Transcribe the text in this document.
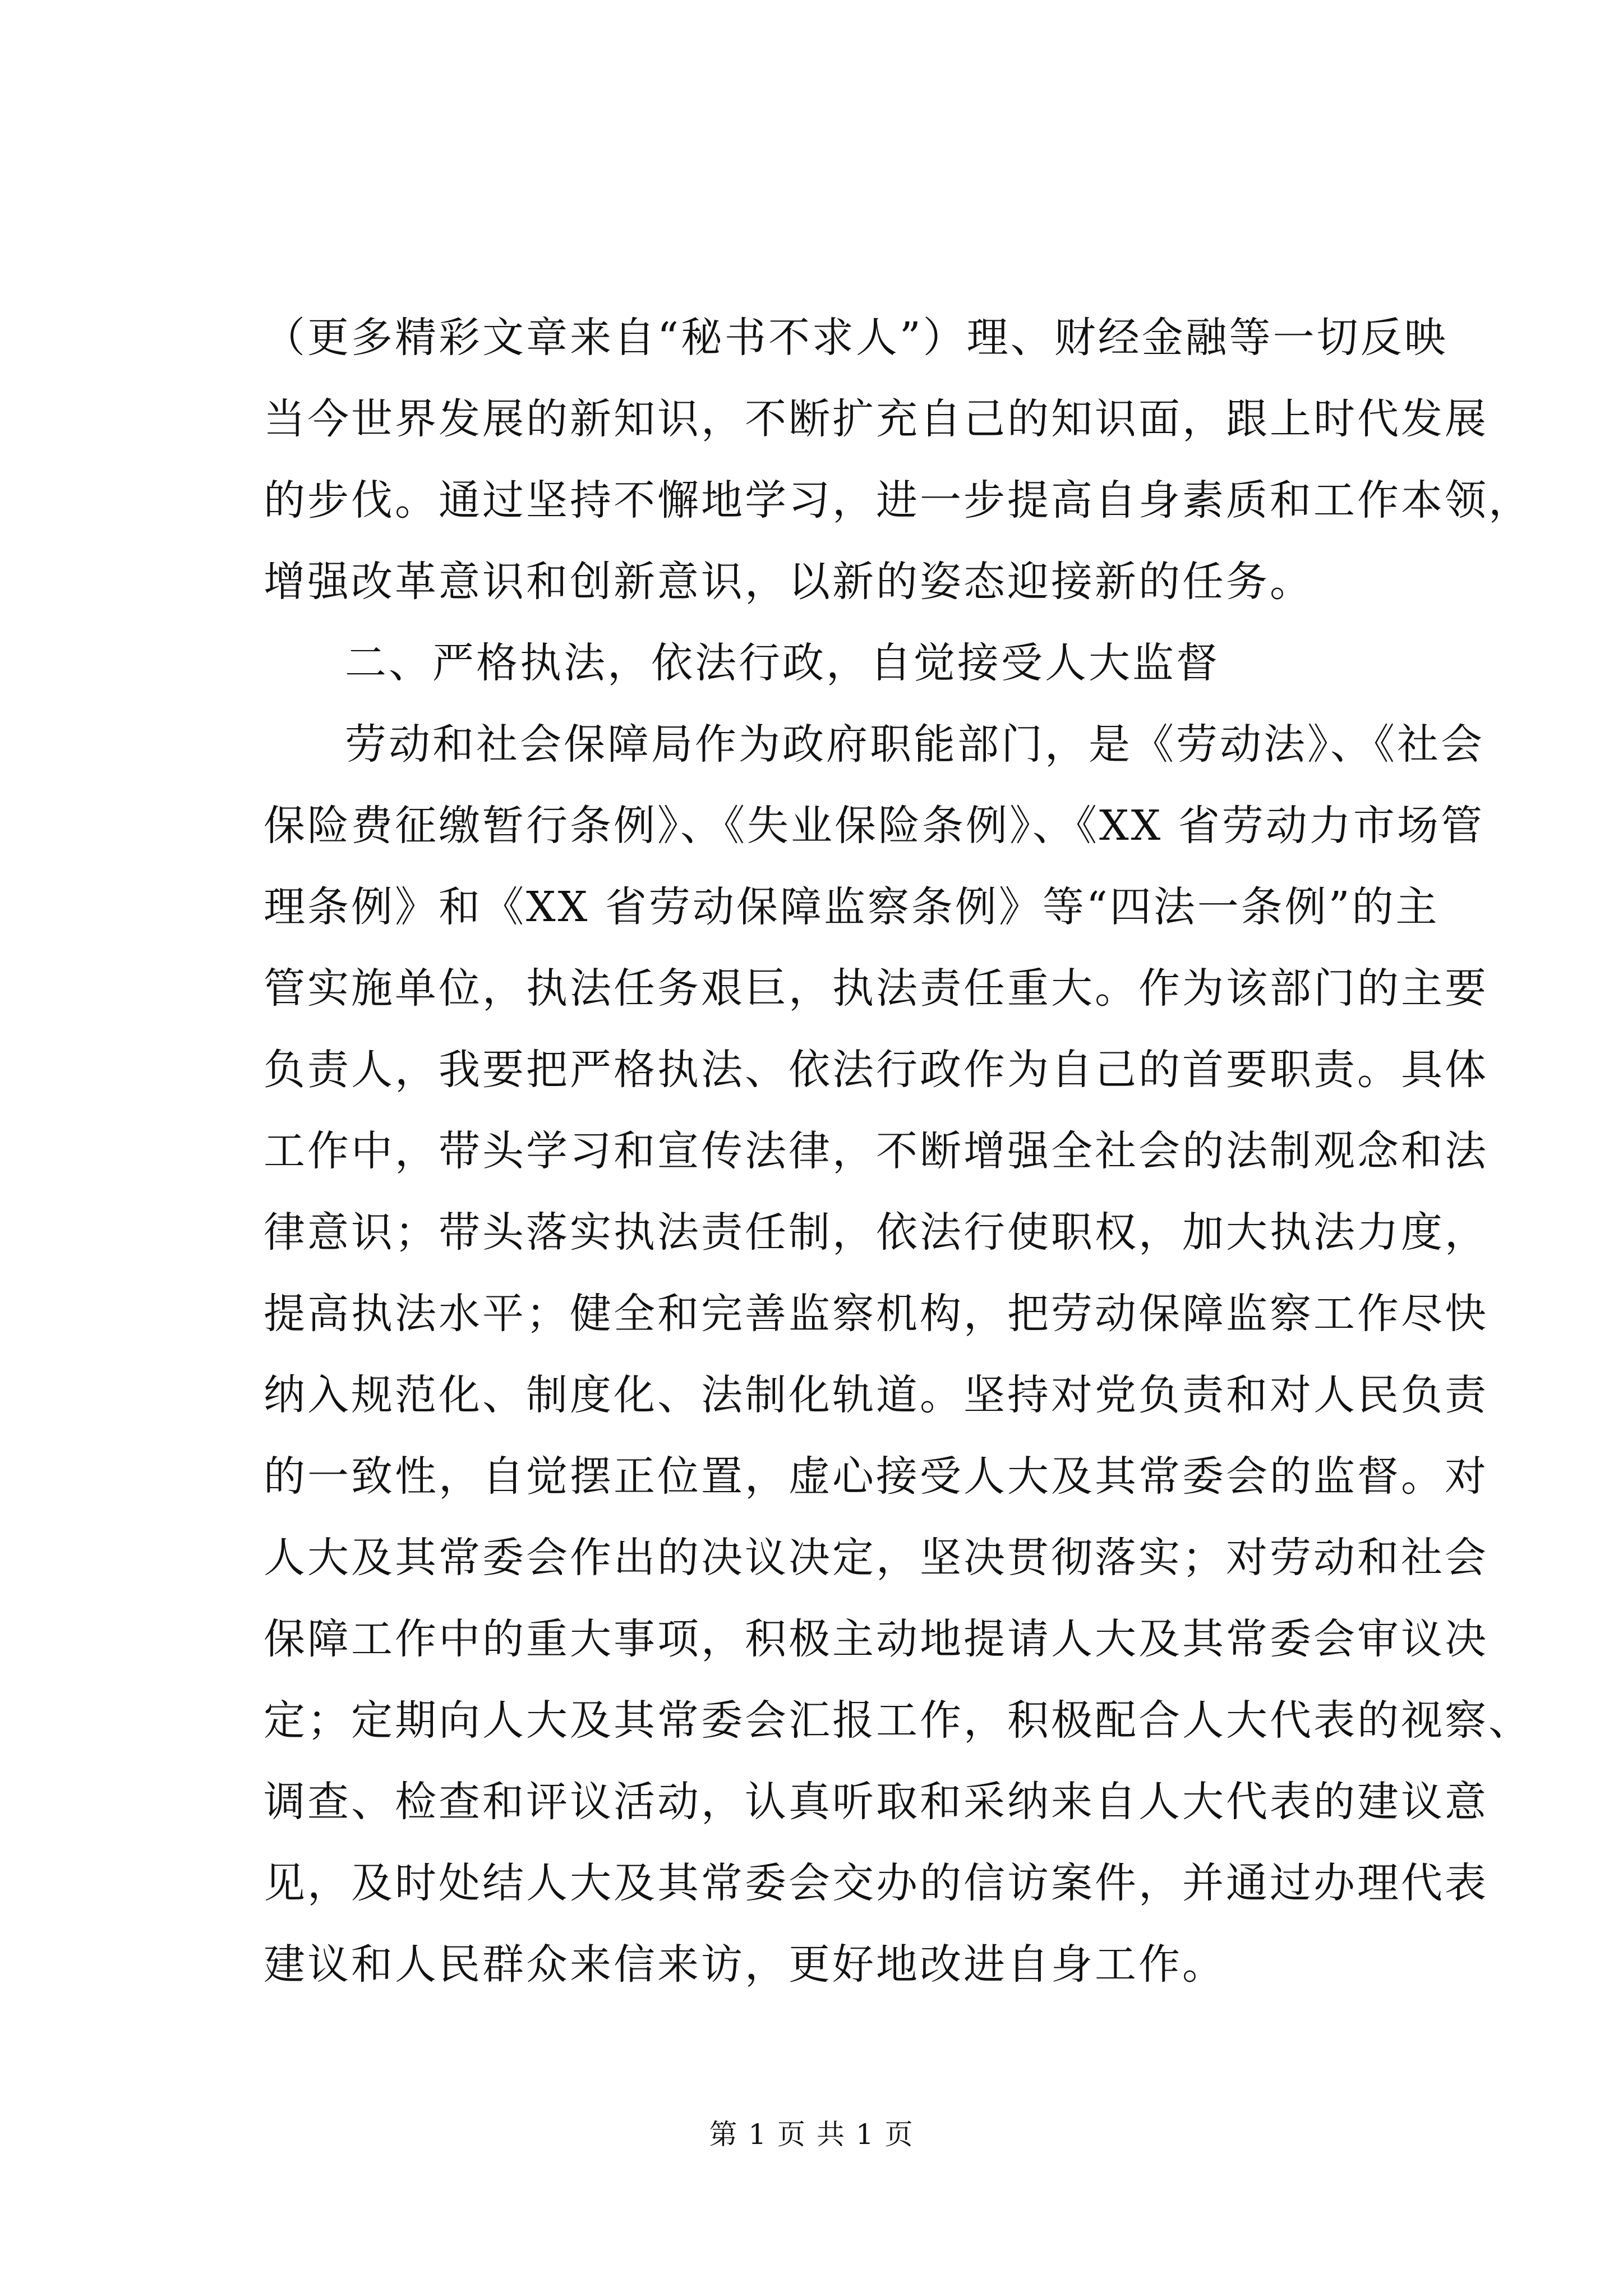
（更多精彩文章来自“秘书不求人”）理、财经金融等一切反映
当今世界发展的新知识，不断扩充自己的知识面，跟上时代发展
的步伐。通过坚持不懈地学习，进一步提高自身素质和工作本领，
增强改革意识和创新意识，以新的姿态迎接新的任务。
二、严格执法，依法行政，自觉接受人大监督
劳动和社会保障局作为政府职能部门，是《劳动法》、《社会
保险费征缴暂行条例》、《失业保险条例》、《XX 省劳动力市场管
理条例》和《XX 省劳动保障监察条例》等“四法一条例”的主
管实施单位，执法任务艰巨，执法责任重大。作为该部门的主要
负责人，我要把严格执法、依法行政作为自己的首要职责。具体
工作中，带头学习和宣传法律，不断增强全社会的法制观念和法
律意识；带头落实执法责任制，依法行使职权，加大执法力度，
提高执法水平；健全和完善监察机构，把劳动保障监察工作尽快
纳入规范化、制度化、法制化轨道。坚持对党负责和对人民负责
的一致性，自觉摆正位置，虚心接受人大及其常委会的监督。对
人大及其常委会作出的决议决定，坚决贯彻落实；对劳动和社会
保障工作中的重大事项，积极主动地提请人大及其常委会审议决
定；定期向人大及其常委会汇报工作，积极配合人大代表的视察、
调查、检查和评议活动，认真听取和采纳来自人大代表的建议意
见，及时处结人大及其常委会交办的信访案件，并通过办理代表
建议和人民群众来信来访，更好地改进自身工作。
第 1 页 共 1 页
